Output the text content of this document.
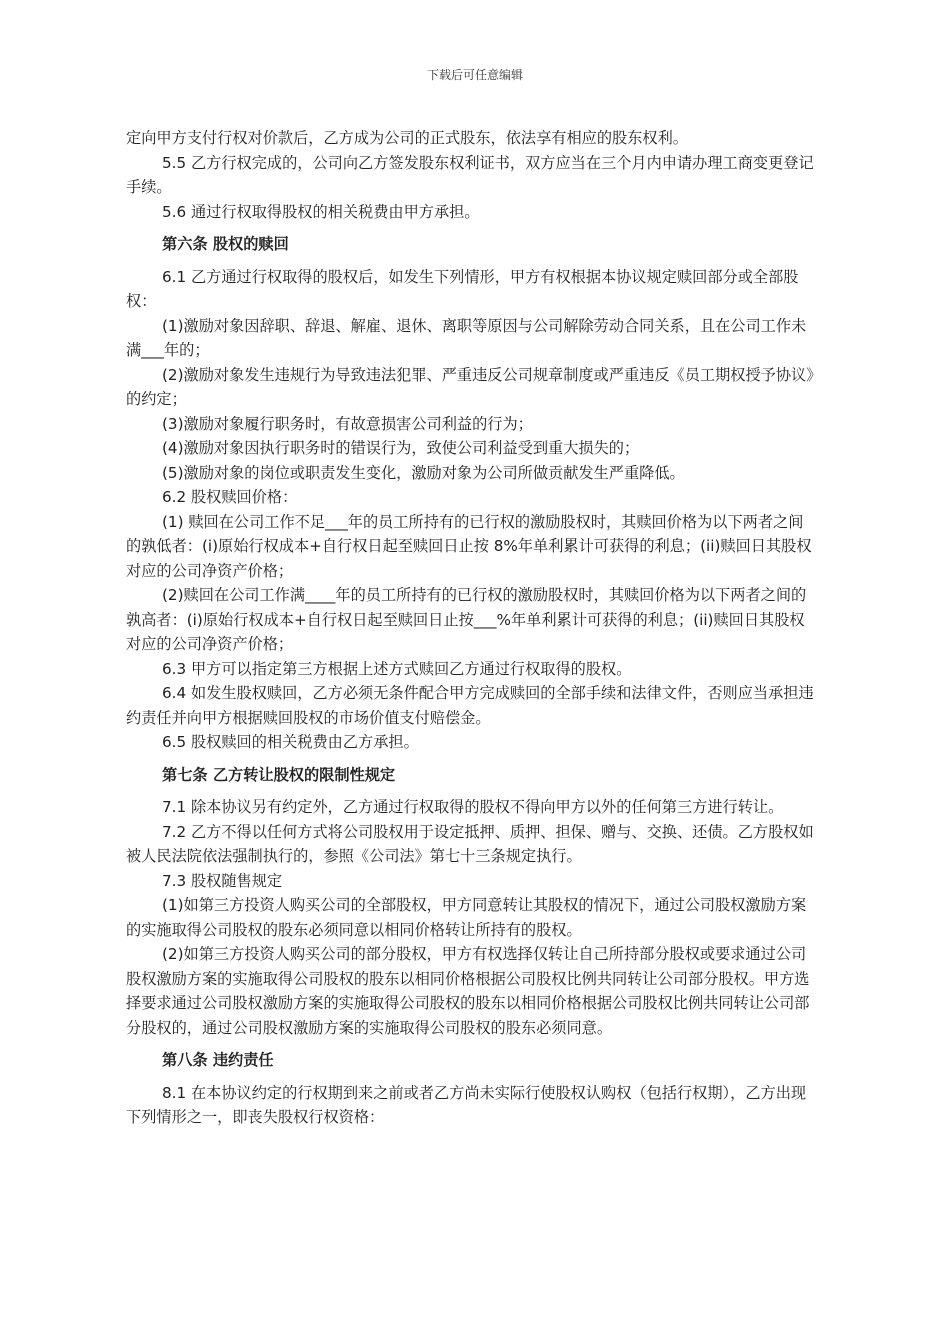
下载后可任意编辑

定向甲方支付行权对价款后，乙方成为公司的正式股东，依法享有相应的股东权利。

5.5 乙方行权完成的，公司向乙方签发股东权利证书，双方应当在三个月内申请办理工商变更登记手续。

5.6 通过行权取得股权的相关税费由甲方承担。

第六条 股权的赎回

6.1 乙方通过行权取得的股权后，如发生下列情形，甲方有权根据本协议规定赎回部分或全部股权：

(1)激励对象因辞职、辞退、解雇、退休、离职等原因与公司解除劳动合同关系，且在公司工作未满___年的；

(2)激励对象发生违规行为导致违法犯罪、严重违反公司规章制度或严重违反《员工期权授予协议》的约定；

(3)激励对象履行职务时，有故意损害公司利益的行为；

(4)激励对象因执行职务时的错误行为，致使公司利益受到重大损失的；

(5)激励对象的岗位或职责发生变化，激励对象为公司所做贡献发生严重降低。

6.2 股权赎回价格：

(1) 赎回在公司工作不足___年的员工所持有的已行权的激励股权时，其赎回价格为以下两者之间的孰低者：(i)原始行权成本+自行权日起至赎回日止按 8%年单利累计可获得的利息；(ii)赎回日其股权对应的公司净资产价格；

(2)赎回在公司工作满____年的员工所持有的已行权的激励股权时，其赎回价格为以下两者之间的孰高者：(i)原始行权成本+自行权日起至赎回日止按___%年单利累计可获得的利息；(ii)赎回日其股权对应的公司净资产价格；

6.3 甲方可以指定第三方根据上述方式赎回乙方通过行权取得的股权。

6.4 如发生股权赎回，乙方必须无条件配合甲方完成赎回的全部手续和法律文件，否则应当承担违约责任并向甲方根据赎回股权的市场价值支付赔偿金。

6.5 股权赎回的相关税费由乙方承担。

第七条 乙方转让股权的限制性规定

7.1 除本协议另有约定外，乙方通过行权取得的股权不得向甲方以外的任何第三方进行转让。

7.2 乙方不得以任何方式将公司股权用于设定抵押、质押、担保、赠与、交换、还债。乙方股权如被人民法院依法强制执行的，参照《公司法》第七十三条规定执行。

7.3 股权随售规定

(1)如第三方投资人购买公司的全部股权，甲方同意转让其股权的情况下，通过公司股权激励方案的实施取得公司股权的股东必须同意以相同价格转让所持有的股权。

(2)如第三方投资人购买公司的部分股权，甲方有权选择仅转让自己所持部分股权或要求通过公司股权激励方案的实施取得公司股权的股东以相同价格根据公司股权比例共同转让公司部分股权。甲方选择要求通过公司股权激励方案的实施取得公司股权的股东以相同价格根据公司股权比例共同转让公司部分股权的，通过公司股权激励方案的实施取得公司股权的股东必须同意。

第八条 违约责任

8.1 在本协议约定的行权期到来之前或者乙方尚未实际行使股权认购权（包括行权期），乙方出现下列情形之一，即丧失股权行权资格：
